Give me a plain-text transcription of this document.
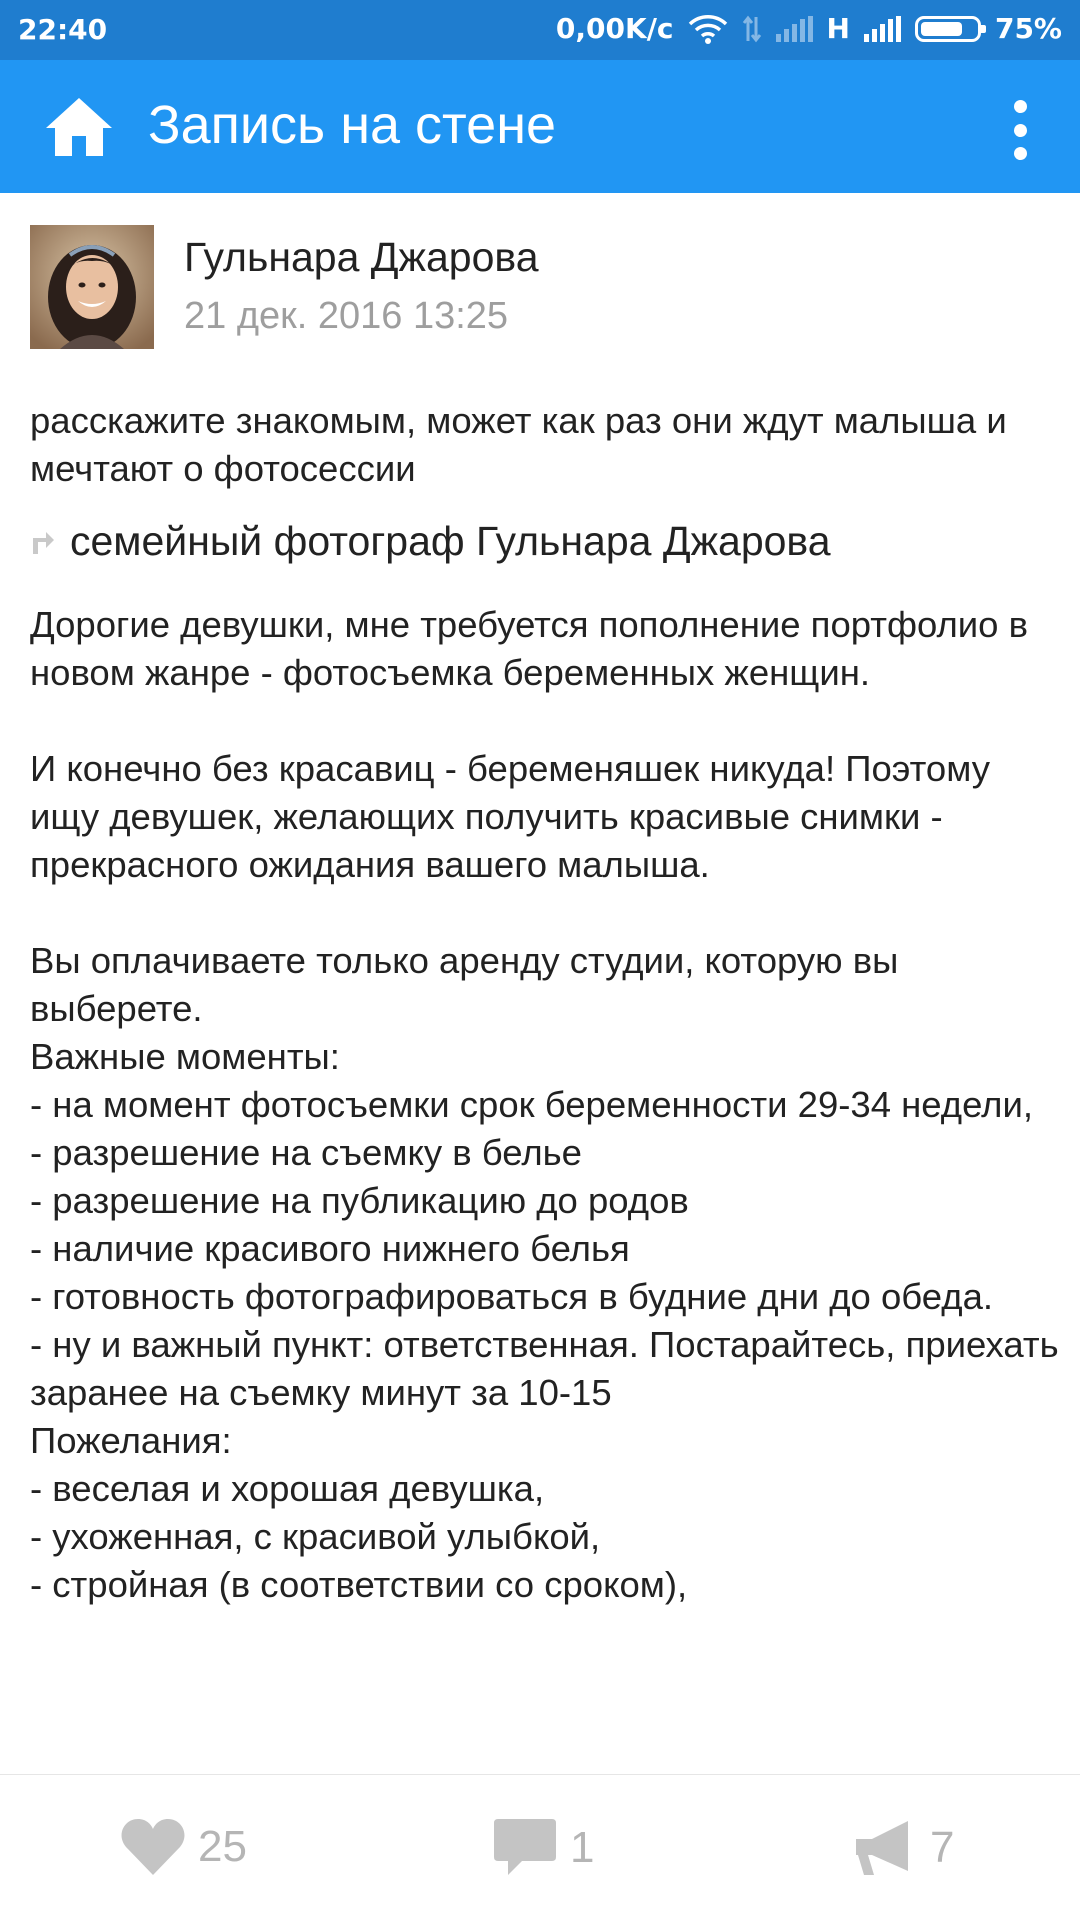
22:40	0,00K/c	H	75%
Запись на стене
Гульнара Джарова
21 дек. 2016 13:25

расскажите знакомым, может как раз они ждут малыша и мечтают о фотосессии

семейный фотограф Гульнара Джарова

Дорогие девушки, мне требуется пополнение портфолио в новом жанре - фотосъемка беременных женщин.

И конечно без красавиц - беременяшек никуда! Поэтому ищу девушек, желающих получить красивые снимки - прекрасного ожидания вашего малыша.

Вы оплачиваете только аренду студии, которую вы выберете.
Важные моменты:
- на момент фотосъемки срок беременности 29-34 недели,
- разрешение на съемку в белье
- разрешение на публикацию до родов
- наличие красивого нижнего белья
- готовность фотографироваться в будние дни до обеда.
- ну и важный пункт: ответственная. Постарайтесь, приехать заранее на съемку минут за 10-15
Пожелания:
- веселая и хорошая девушка,
- ухоженная, с красивой улыбкой,
- стройная (в соответствии со сроком),

25	1	7
